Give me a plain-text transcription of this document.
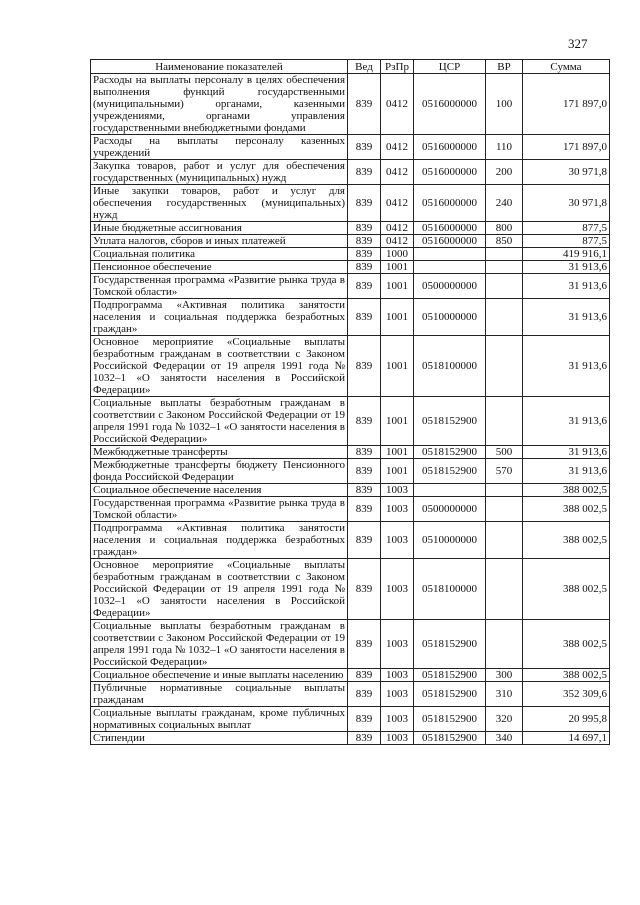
327
Наименование показателей	Вед	РзПр	ЦСР	ВР	Сумма
Расходы на выплаты персоналу в целях обеспечения выполнения функций государственными (муниципальными) органами, казенными учреждениями, органами управления государственными внебюджетными фондами	839	0412	0516000000	100	171 897,0
Расходы на выплаты персоналу казенных учреждений	839	0412	0516000000	110	171 897,0
Закупка товаров, работ и услуг для обеспечения государственных (муниципальных) нужд	839	0412	0516000000	200	30 971,8
Иные закупки товаров, работ и услуг для обеспечения государственных (муниципальных) нужд	839	0412	0516000000	240	30 971,8
Иные бюджетные ассигнования	839	0412	0516000000	800	877,5
Уплата налогов, сборов и иных платежей	839	0412	0516000000	850	877,5
Социальная политика	839	1000			419 916,1
Пенсионное обеспечение	839	1001			31 913,6
Государственная программа «Развитие рынка труда в Томской области»	839	1001	0500000000		31 913,6
Подпрограмма «Активная политика занятости населения и социальная поддержка безработных граждан»	839	1001	0510000000		31 913,6
Основное мероприятие «Социальные выплаты безработным гражданам в соответствии с Законом Российской Федерации от 19 апреля 1991 года № 1032–1 «О занятости населения в Российской Федерации»	839	1001	0518100000		31 913,6
Социальные выплаты безработным гражданам в соответствии с Законом Российской Федерации от 19 апреля 1991 года № 1032–1 «О занятости населения в Российской Федерации»	839	1001	0518152900		31 913,6
Межбюджетные трансферты	839	1001	0518152900	500	31 913,6
Межбюджетные трансферты бюджету Пенсионного фонда Российской Федерации	839	1001	0518152900	570	31 913,6
Социальное обеспечение населения	839	1003			388 002,5
Государственная программа «Развитие рынка труда в Томской области»	839	1003	0500000000		388 002,5
Подпрограмма «Активная политика занятости населения и социальная поддержка безработных граждан»	839	1003	0510000000		388 002,5
Основное мероприятие «Социальные выплаты безработным гражданам в соответствии с Законом Российской Федерации от 19 апреля 1991 года № 1032–1 «О занятости населения в Российской Федерации»	839	1003	0518100000		388 002,5
Социальные выплаты безработным гражданам в соответствии с Законом Российской Федерации от 19 апреля 1991 года № 1032–1 «О занятости населения в Российской Федерации»	839	1003	0518152900		388 002,5
Социальное обеспечение и иные выплаты населению	839	1003	0518152900	300	388 002,5
Публичные нормативные социальные выплаты гражданам	839	1003	0518152900	310	352 309,6
Социальные выплаты гражданам, кроме публичных нормативных социальных выплат	839	1003	0518152900	320	20 995,8
Стипендии	839	1003	0518152900	340	14 697,1
